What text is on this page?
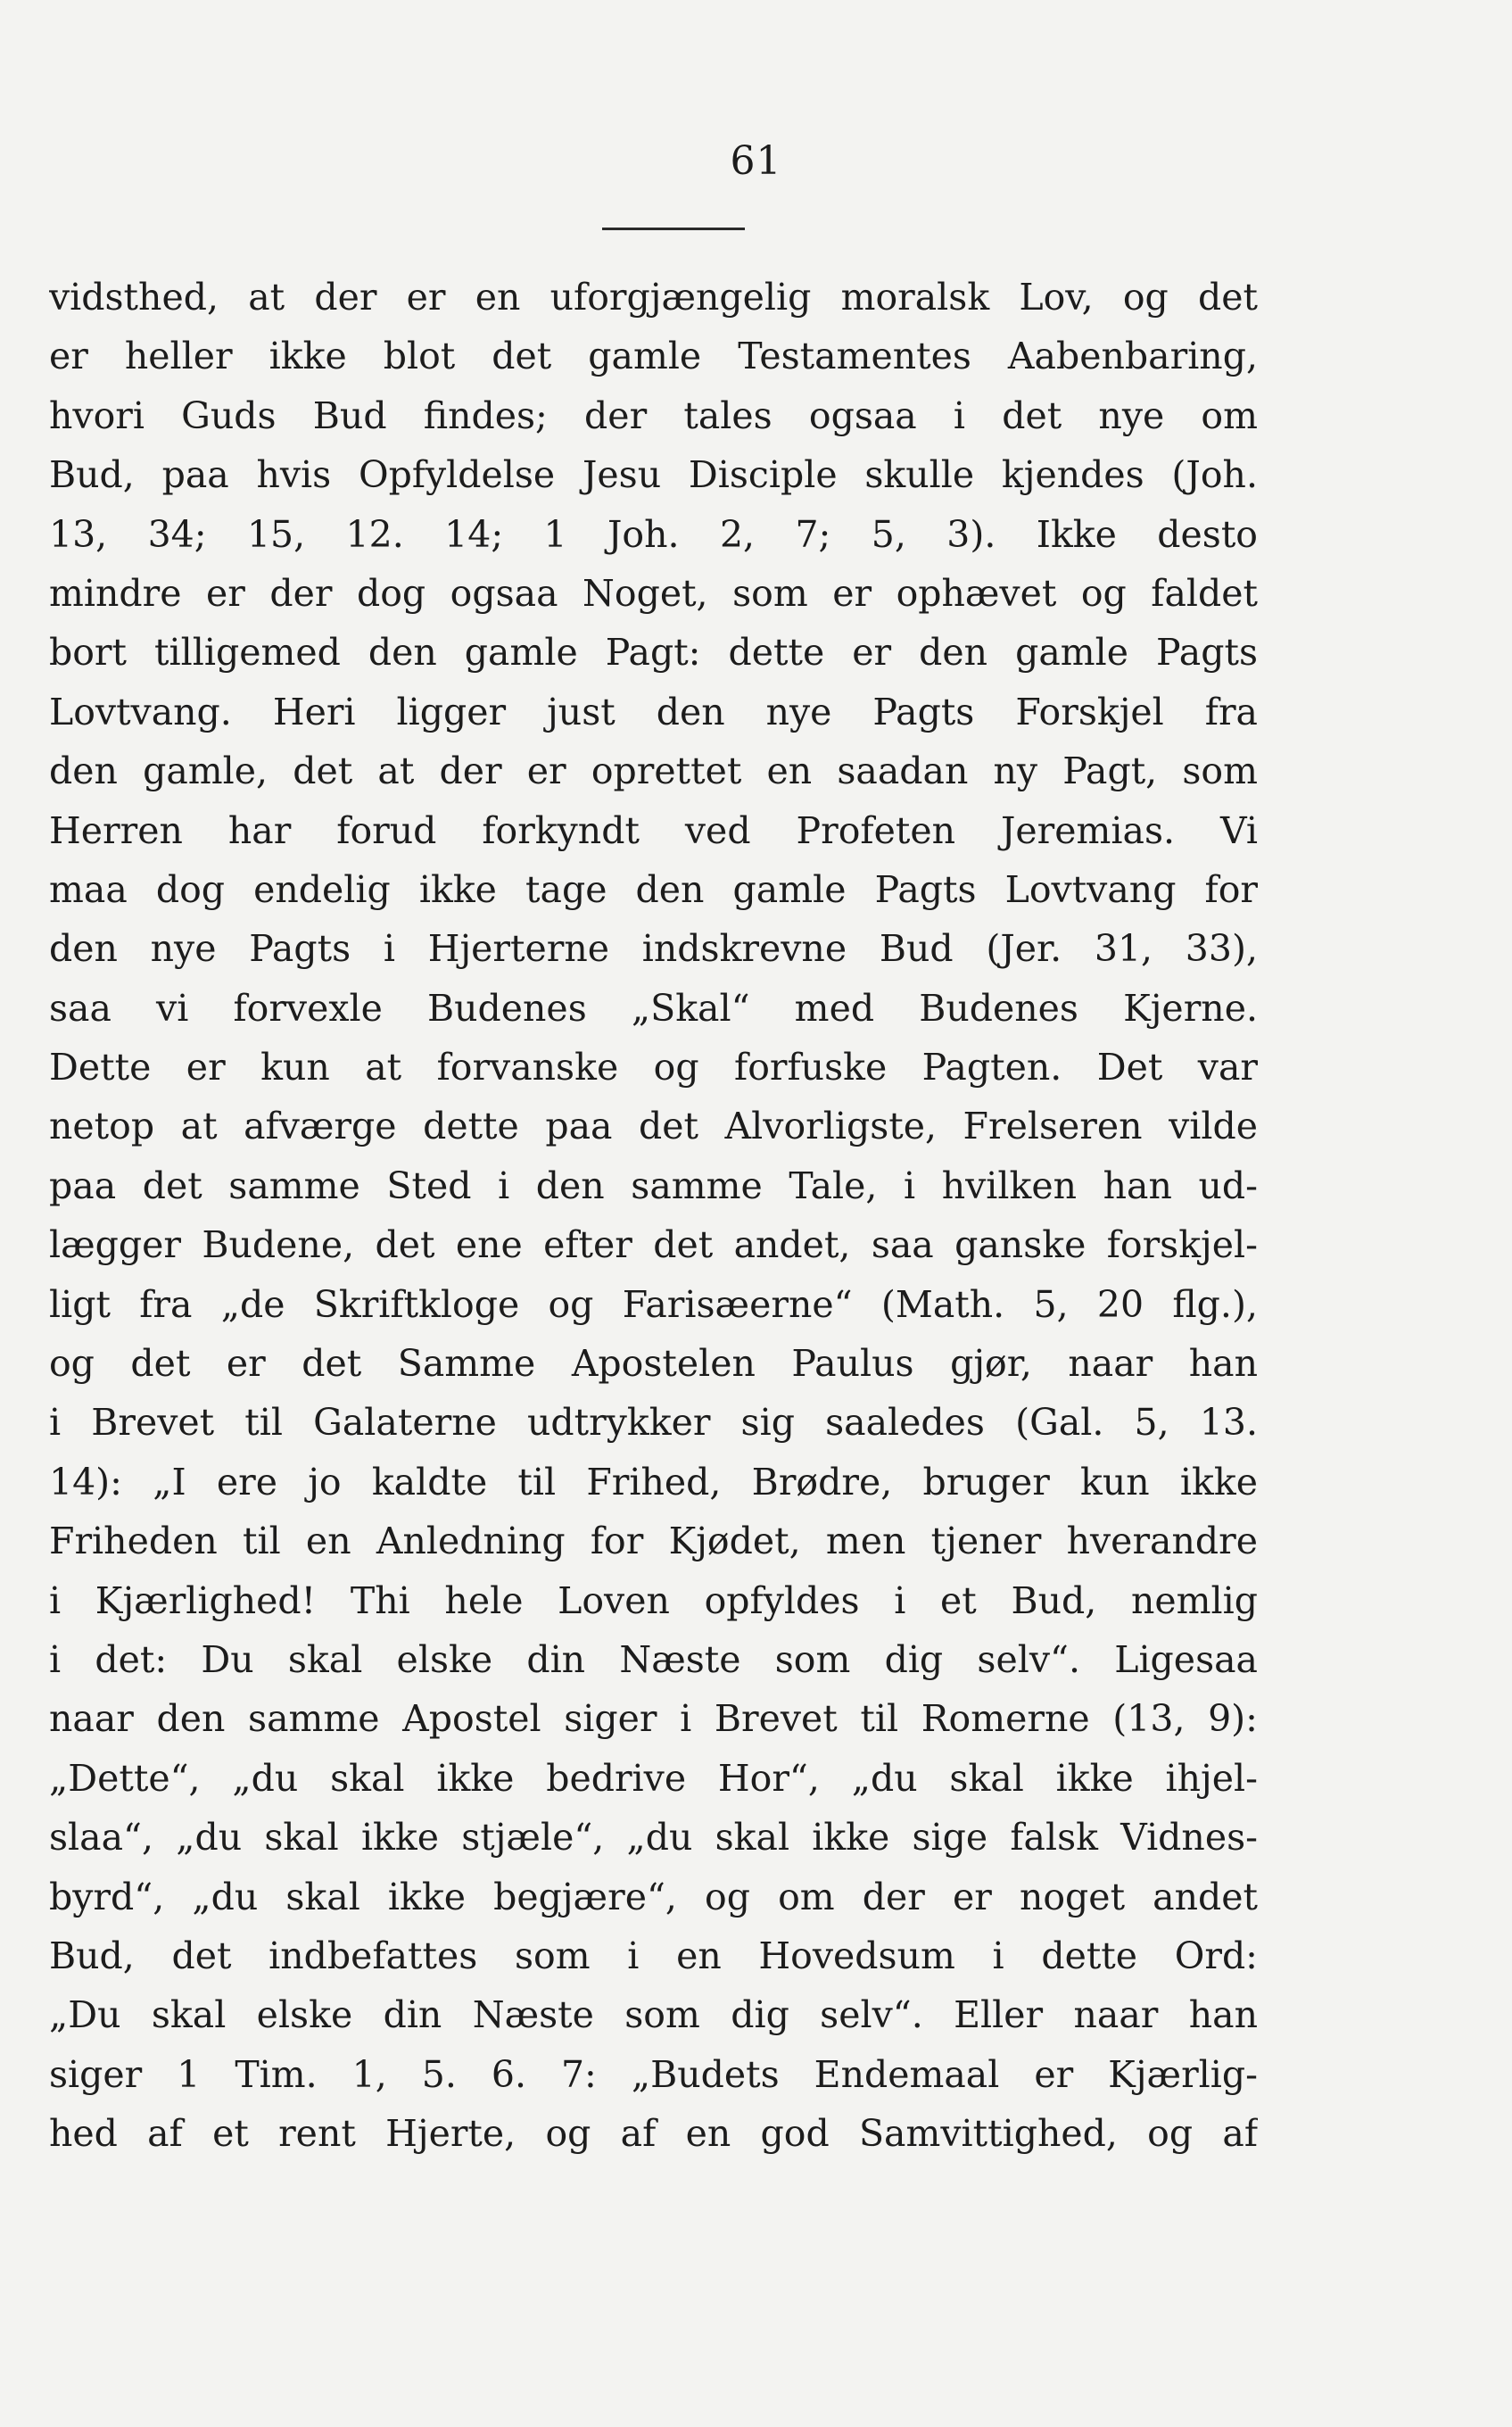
61
vidsthed, at der er en uforgjængelig moralsk Lov, og det
er heller ikke blot det gamle Testamentes Aabenbaring,
hvori Guds Bud findes; der tales ogsaa i det nye om
Bud, paa hvis Opfyldelse Jesu Disciple skulle kjendes (Joh.
13, 34; 15, 12. 14; 1 Joh. 2, 7; 5, 3). Ikke desto
mindre er der dog ogsaa Noget, som er ophævet og faldet
bort tilligemed den gamle Pagt: dette er den gamle Pagts
Lovtvang. Heri ligger just den nye Pagts Forskjel fra
den gamle, det at der er oprettet en saadan ny Pagt, som
Herren har forud forkyndt ved Profeten Jeremias. Vi
maa dog endelig ikke tage den gamle Pagts Lovtvang for
den nye Pagts i Hjerterne indskrevne Bud (Jer. 31, 33),
saa vi forvexle Budenes „Skal“ med Budenes Kjerne.
Dette er kun at forvanske og forfuske Pagten. Det var
netop at afværge dette paa det Alvorligste, Frelseren vilde
paa det samme Sted i den samme Tale, i hvilken han ud-
lægger Budene, det ene efter det andet, saa ganske forskjel-
ligt fra „de Skriftkloge og Farisæerne“ (Math. 5, 20 flg.),
og det er det Samme Apostelen Paulus gjør, naar han
i Brevet til Galaterne udtrykker sig saaledes (Gal. 5, 13.
14): „I ere jo kaldte til Frihed, Brødre, bruger kun ikke
Friheden til en Anledning for Kjødet, men tjener hverandre
i Kjærlighed! Thi hele Loven opfyldes i et Bud, nemlig
i det: Du skal elske din Næste som dig selv“. Ligesaa
naar den samme Apostel siger i Brevet til Romerne (13, 9):
„Dette“, „du skal ikke bedrive Hor“, „du skal ikke ihjel-
slaa“, „du skal ikke stjæle“, „du skal ikke sige falsk Vidnes-
byrd“, „du skal ikke begjære“, og om der er noget andet
Bud, det indbefattes som i en Hovedsum i dette Ord:
„Du skal elske din Næste som dig selv“. Eller naar han
siger 1 Tim. 1, 5. 6. 7: „Budets Endemaal er Kjærlig-
hed af et rent Hjerte, og af en god Samvittighed, og af
